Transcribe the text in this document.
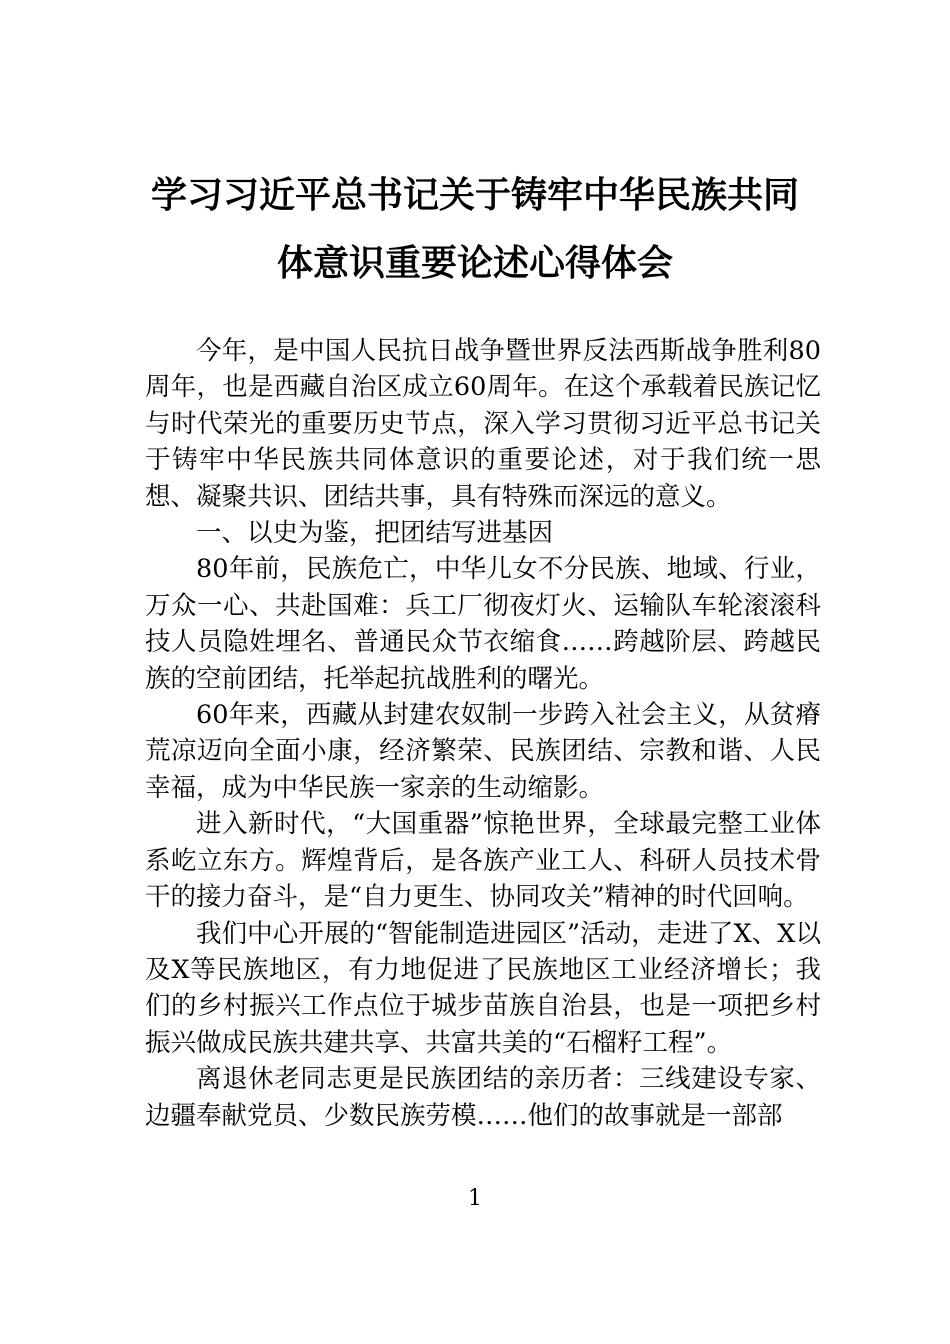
学习习近平总书记关于铸牢中华民族共同
体意识重要论述心得体会

今年，是中国人民抗日战争暨世界反法西斯战争胜利80周年，也是西藏自治区成立60周年。在这个承载着民族记忆与时代荣光的重要历史节点，深入学习贯彻习近平总书记关于铸牢中华民族共同体意识的重要论述，对于我们统一思想、凝聚共识、团结共事，具有特殊而深远的意义。

一、以史为鉴，把团结写进基因

80年前，民族危亡，中华儿女不分民族、地域、行业，万众一心、共赴国难：兵工厂彻夜灯火、运输队车轮滚滚科技人员隐姓埋名、普通民众节衣缩食……跨越阶层、跨越民族的空前团结，托举起抗战胜利的曙光。

60年来，西藏从封建农奴制一步跨入社会主义，从贫瘠荒凉迈向全面小康，经济繁荣、民族团结、宗教和谐、人民幸福，成为中华民族一家亲的生动缩影。

进入新时代，“大国重器”惊艳世界，全球最完整工业体系屹立东方。辉煌背后，是各族产业工人、科研人员技术骨干的接力奋斗，是“自力更生、协同攻关”精神的时代回响。

我们中心开展的“智能制造进园区”活动，走进了X、X以及X等民族地区，有力地促进了民族地区工业经济增长；我们的乡村振兴工作点位于城步苗族自治县，也是一项把乡村振兴做成民族共建共享、共富共美的“石榴籽工程”。

离退休老同志更是民族团结的亲历者：三线建设专家、边疆奉献党员、少数民族劳模……他们的故事就是一部部

1
